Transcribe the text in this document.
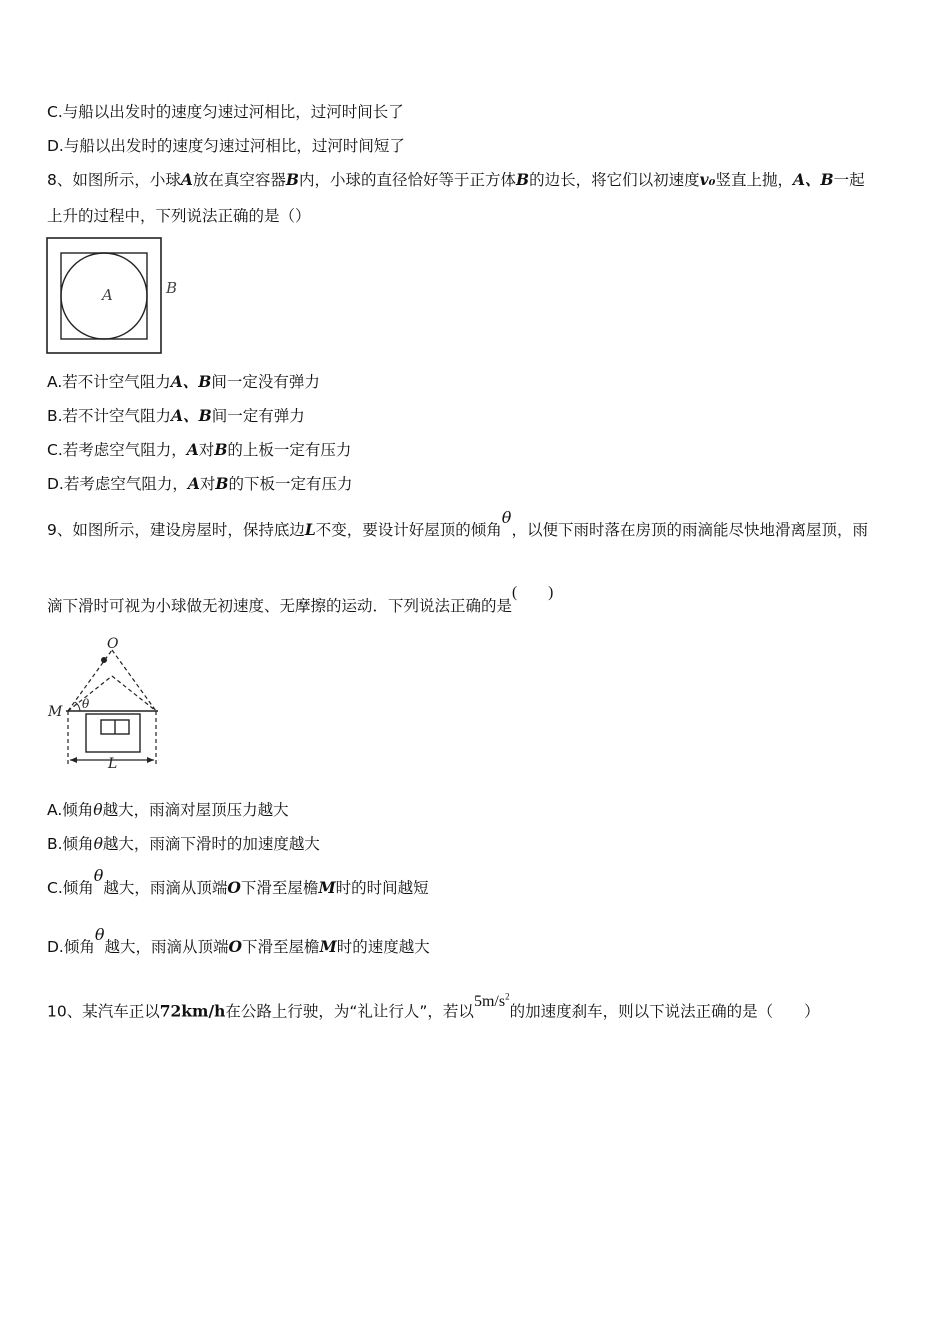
C.与船以出发时的速度匀速过河相比，过河时间长了
D.与船以出发时的速度匀速过河相比，过河时间短了
8、如图所示，小球A放在真空容器B内，小球的直径恰好等于正方体B的边长，将它们以初速度v₀竖直上抛，A、B一起
上升的过程中，下列说法正确的是（）
A	B
A.若不计空气阻力A、B间一定没有弹力
B.若不计空气阻力A、B间一定有弹力
C.若考虑空气阻力，A对B的上板一定有压力
D.若考虑空气阻力，A对B的下板一定有压力
9、如图所示，建设房屋时，保持底边L不变，要设计好屋顶的倾角θ，以便下雨时落在房顶的雨滴能尽快地滑离屋顶，雨
滴下滑时可视为小球做无初速度、无摩擦的运动．下列说法正确的是(　　)
O
M θ
L
A.倾角θ越大，雨滴对屋顶压力越大
B.倾角θ越大，雨滴下滑时的加速度越大
C.倾角θ越大，雨滴从顶端O下滑至屋檐M时的时间越短
D.倾角θ越大，雨滴从顶端O下滑至屋檐M时的速度越大
10、某汽车正以72km/h在公路上行驶，为“礼让行人”，若以$5m/s^2$的加速度刹车，则以下说法正确的是（　　）
